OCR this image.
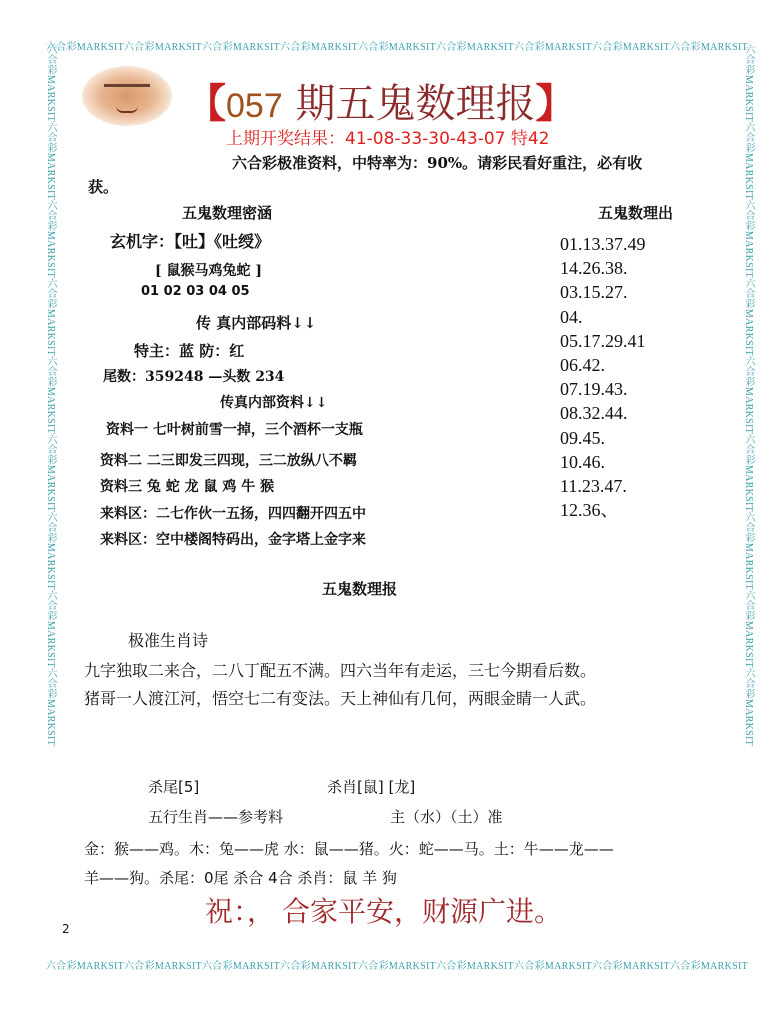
六合彩MARKSIT六合彩MARKSIT六合彩MARKSIT六合彩MARKSIT六合彩MARKSIT六合彩MARKSIT六合彩MARKSIT六合彩MARKSIT六合彩MARKSIT
六合彩MARKSIT六合彩MARKSIT六合彩MARKSIT六合彩MARKSIT六合彩MARKSIT六合彩MARKSIT六合彩MARKSIT六合彩MARKSIT六合彩MARKSIT
六合彩MARKSIT六合彩MARKSIT六合彩MARKSIT六合彩MARKSIT六合彩MARKSIT六合彩MARKSIT六合彩MARKSIT六合彩MARKSIT六合彩MARKSIT	六合彩MARKSIT六合彩MARKSIT六合彩MARKSIT六合彩MARKSIT六合彩MARKSIT六合彩MARKSIT六合彩MARKSIT六合彩MARKSIT六合彩MARKSIT
【057 期五鬼数理报】
上期开奖结果：41-08-33-30-43-07 特42
六合彩极准资料，中特率为：90%。请彩民看好重注，必有收
获。
五鬼数理密涵
玄机字：【吐】《吐绶》
[ 鼠猴马鸡兔蛇 ]
01 02 03 04 05
传 真内部码料↓↓
特主：蓝 防：红
尾数：359248 —头数 234
传真内部资料↓↓
资料一 七叶树前雪一掉，三个酒杯一支瓶
资料二 二三即发三四现，三二放纵八不羁
资料三 兔 蛇 龙 鼠 鸡 牛 猴
来料区：二七作伙一五扬，四四翻开四五中
来料区：空中楼阁特码出，金字塔上金字来
五鬼数理出
01.13.37.49
14.26.38.
03.15.27.
04.
05.17.29.41
06.42.
07.19.43.
08.32.44.
09.45.
10.46.
11.23.47.
12.36、
五鬼数理报
极准生肖诗
九字独取二来合，二八丁配五不满。四六当年有走运，三七今期看后数。
猪哥一人渡江河，悟空七二有变法。天上神仙有几何，两眼金睛一人武。
杀尾[5]	杀肖[鼠] [龙]
五行生肖——参考料	主（水）（土）准
金：猴——鸡。木：兔——虎 水：鼠——猪。火：蛇——马。土：牛——龙——
羊——狗。杀尾：0尾 杀合 4合 杀肖：鼠 羊 狗
祝：， 合家平安，财源广进。
2
